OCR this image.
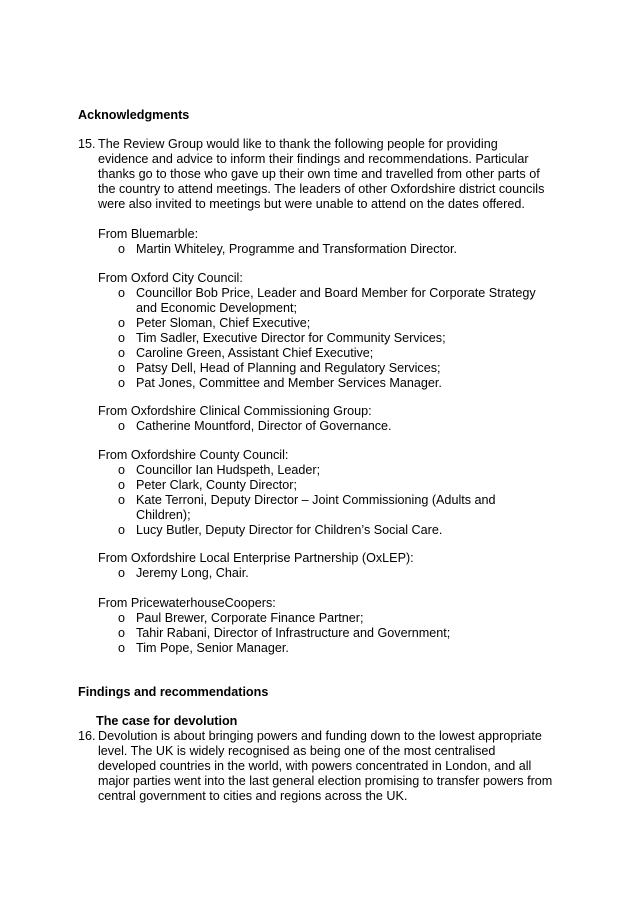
Acknowledgments
15. The Review Group would like to thank the following people for providing
evidence and advice to inform their findings and recommendations. Particular
thanks go to those who gave up their own time and travelled from other parts of
the country to attend meetings. The leaders of other Oxfordshire district councils
were also invited to meetings but were unable to attend on the dates offered.
From Bluemarble:
o Martin Whiteley, Programme and Transformation Director.
From Oxford City Council:
o Councillor Bob Price, Leader and Board Member for Corporate Strategy
and Economic Development;
o Peter Sloman, Chief Executive;
o Tim Sadler, Executive Director for Community Services;
o Caroline Green, Assistant Chief Executive;
o Patsy Dell, Head of Planning and Regulatory Services;
o Pat Jones, Committee and Member Services Manager.
From Oxfordshire Clinical Commissioning Group:
o Catherine Mountford, Director of Governance.
From Oxfordshire County Council:
o Councillor Ian Hudspeth, Leader;
o Peter Clark, County Director;
o Kate Terroni, Deputy Director – Joint Commissioning (Adults and
Children);
o Lucy Butler, Deputy Director for Children’s Social Care.
From Oxfordshire Local Enterprise Partnership (OxLEP):
o Jeremy Long, Chair.
From PricewaterhouseCoopers:
o Paul Brewer, Corporate Finance Partner;
o Tahir Rabani, Director of Infrastructure and Government;
o Tim Pope, Senior Manager.
Findings and recommendations
The case for devolution
16. Devolution is about bringing powers and funding down to the lowest appropriate
level. The UK is widely recognised as being one of the most centralised
developed countries in the world, with powers concentrated in London, and all
major parties went into the last general election promising to transfer powers from
central government to cities and regions across the UK.
